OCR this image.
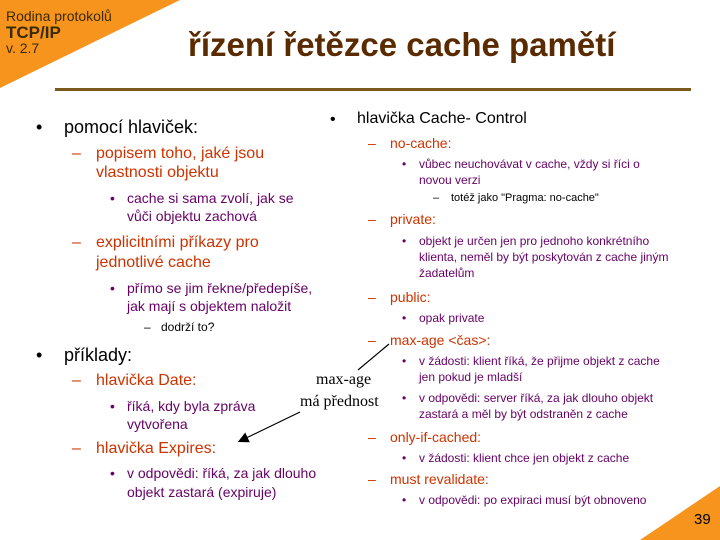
Rodina protokolů
TCP/IP
v. 2.7	řízení řetězce cache pamětí
• pomocí hlaviček:
– popisem toho, jaké jsou
vlastnosti objektu
• cache si sama zvolí, jak se
vůči objektu zachová
– explicitními příkazy pro
jednotlivé cache
• přímo se jim řekne/předepíše,
jak mají s objektem naložit
– dodrží to?
• příklady:
– hlavička Date:
• říká, kdy byla zpráva
vytvořena
– hlavička Expires:
• v odpovědi: říká, za jak dlouho
objekt zastará (expiruje)
• hlavička Cache- Control
– no-cache:
• vůbec neuchovávat v cache, vždy si říci o
novou verzi
– totéž jako "Pragma: no-cache"
– private:
• objekt je určen jen pro jednoho konkrétního
klienta, neměl by být poskytován z cache jiným
žadatelům
– public:
• opak private
– max-age <čas>:
• v žádosti: klient říká, že přijme objekt z cache
jen pokud je mladší
• v odpovědi: server říká, za jak dlouho objekt
zastará a měl by být odstraněn z cache
– only-if-cached:
• v žádosti: klient chce jen objekt z cache
– must revalidate:
• v odpovědi: po expiraci musí být obnoveno
max-age
má přednost
39
